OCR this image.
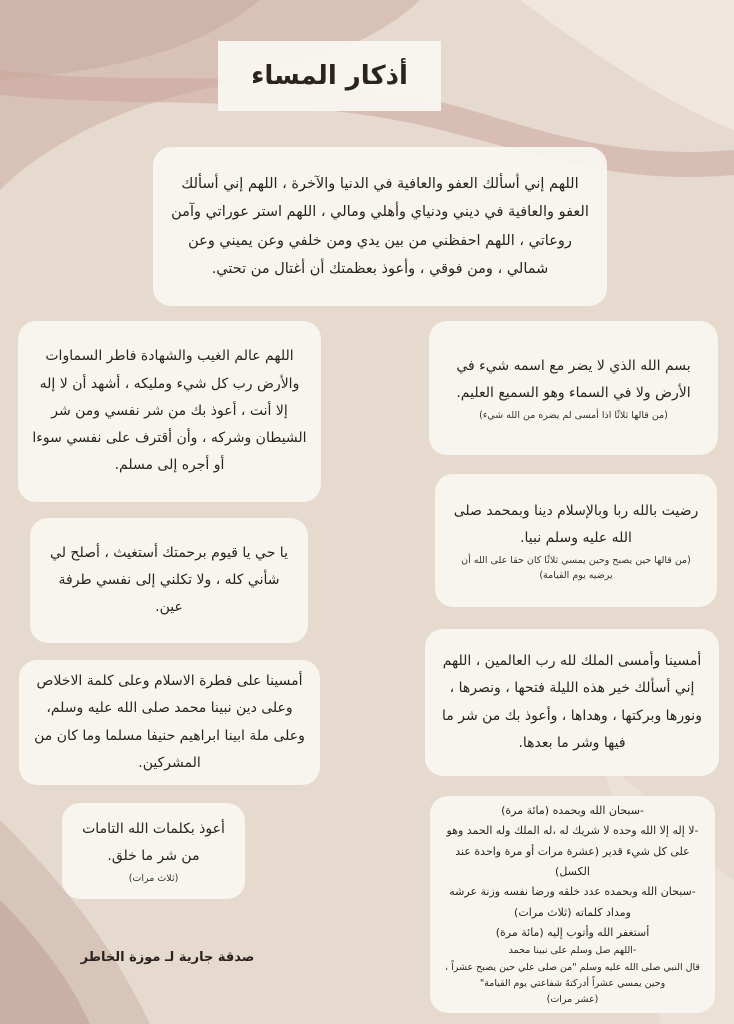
أذكار المساء
اللهم إني أسألك العفو والعافية في الدنيا والآخرة ، اللهم إني أسألك العفو والعافية في ديني ودنياي وأهلي ومالي ، اللهم استر عوراتي وآمن روعاتي ، اللهم احفظني من بين يدي ومن خلفي وعن يميني وعن شمالي ، ومن فوقي ، وأعوذ بعظمتك أن أغتال من تحتي.
بسم الله الذي لا يضر مع اسمه شيء في الأرض ولا في السماء وهو السميع العليم.
(من قالها ثلاثًا اذا أمسى لم يضره من الله شيء)
اللهم عالم الغيب والشهادة فاطر السماوات والأرض رب كل شيء ومليكه ، أشهد أن لا إله إلا أنت ، أعوذ بك من شر نفسي ومن شر الشيطان وشركه ، وأن أقترف على نفسي سوءا أو أجره إلى مسلم.
رضيت بالله ربا وبالإسلام دينا وبمحمد صلى الله عليه وسلم نبيا.
(من قالها حين يصبح وحين يمسي ثلاثًا كان حقا على الله أن يرضيه يوم القيامة)
يا حي يا قيوم برحمتك أستغيث ، أصلح لي شأني كله ، ولا تكلني إلى نفسي طرفة عين.
أمسينا وأمسى الملك لله رب العالمين ، اللهم إني أسألك خير هذه الليلة فتحها ، ونصرها ، ونورها وبركتها ، وهداها ، وأعوذ بك من شر ما فيها وشر ما بعدها.
أمسينا على فطرة الاسلام وعلى كلمة الاخلاص وعلى دين نبينا محمد صلى الله عليه وسلم، وعلى ملة ابينا ابراهيم حنيفا مسلما وما كان من المشركين.
أعوذ بكلمات الله التامات من شر ما خلق.
(ثلاث مرات)
-سبحان الله وبحمده (مائة مرة)
-لا إله إلا الله وحده لا شريك له ،له الملك وله الحمد وهو
على كل شيء قدير (عشرة مرات أو مرة واحدة عند الكسل)
-سبحان الله وبحمده عدد خلقه ورضا نفسه وزنة عرشه
ومداد كلماته (ثلاث مرات)
أستغفر الله وأتوب إليه (مائة مرة)
-اللهم صل وسلم على نبينا محمد
قال النبي صلى الله عليه وسلم "من صلى علي حين يصبح عشراً ،
وحين يمسي عشراً أدركتهُ شفاعتي يوم القيامة"
(عشر مرات)
صدقة جارية لـ موزة الخاطر
